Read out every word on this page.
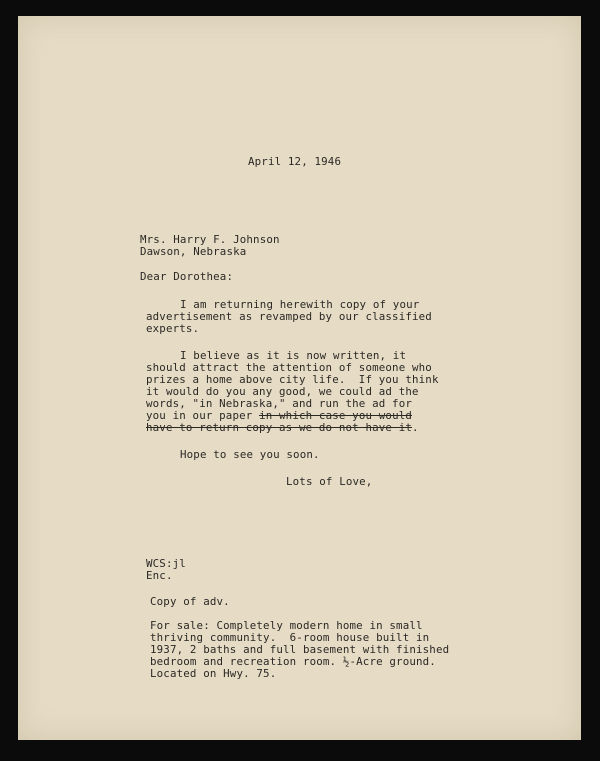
April 12, 1946

Mrs. Harry F. Johnson

Dawson, Nebraska

Dear Dorothea:

I am returning herewith copy of your

advertisement as revamped by our classified

experts.

I believe as it is now written, it

should attract the attention of someone who

prizes a home above city life.  If you think

it would do you any good, we could ad the

words, "in Nebraska," and run the ad for

you in our paper in which case you would

have to return copy as we do not have it.

Hope to see you soon.

Lots of Love,

WCS:jl

Enc.

Copy of adv.

For sale: Completely modern home in small

thriving community.  6-room house built in

1937, 2 baths and full basement with finished

bedroom and recreation room. ½-Acre ground.

Located on Hwy. 75.
